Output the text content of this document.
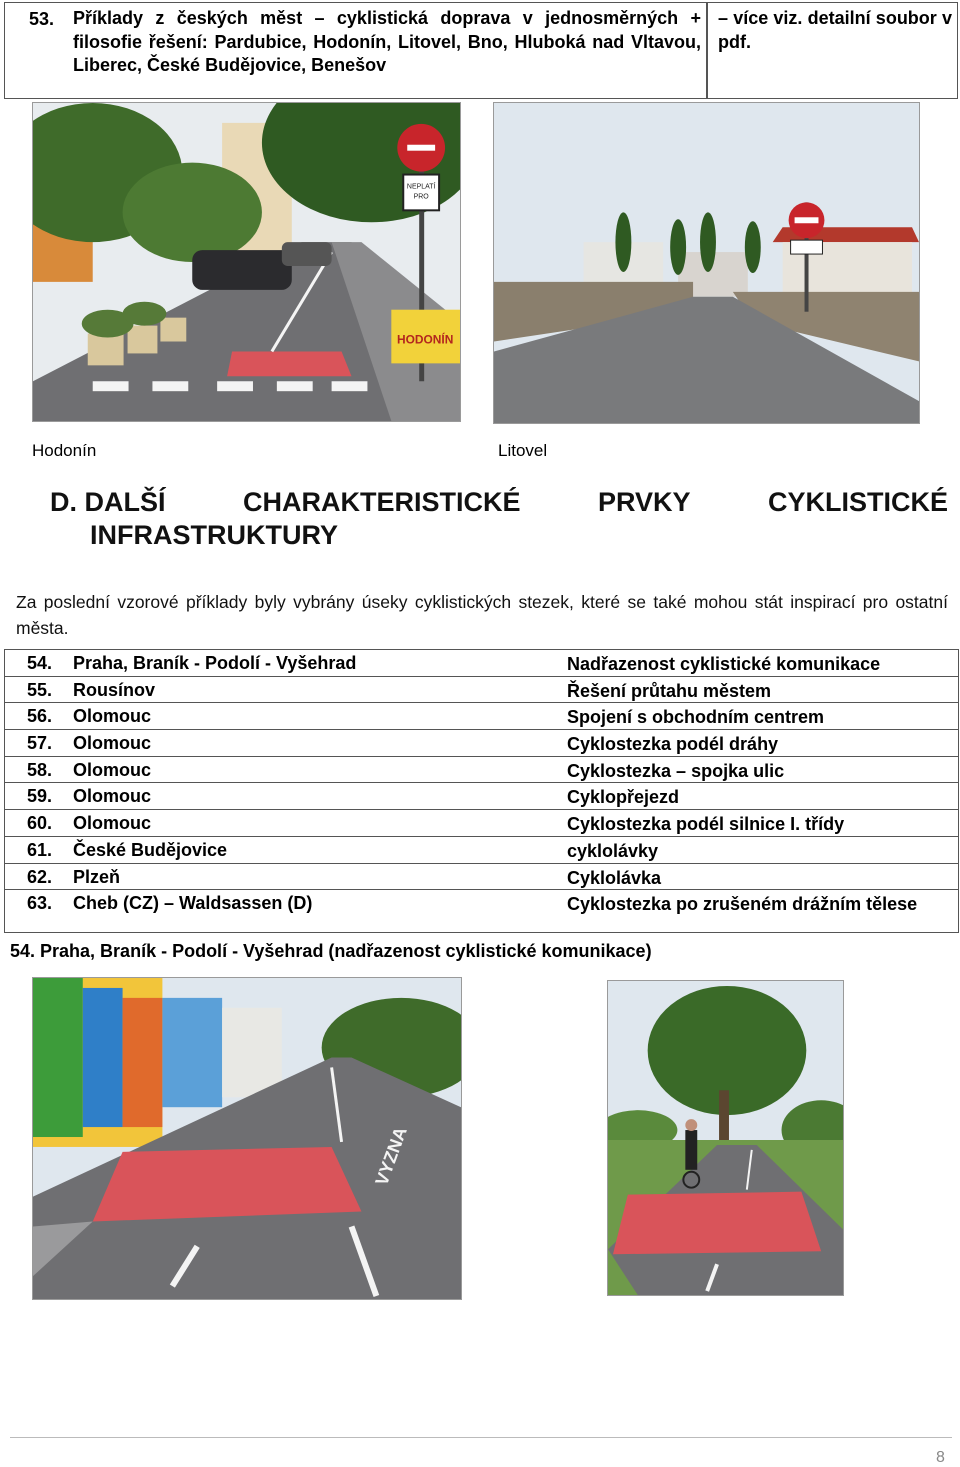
53. Příklady z českých měst – cyklistická doprava v jednosměrných + filosofie řešení: Pardubice, Hodonín, Litovel, Bno, Hluboká nad Vltavou, Liberec, České Budějovice, Benešov
– více viz. detailní soubor v pdf.
NEPLATÍ
PRO
HODONÍN
Hodonín	Litovel
D. DALŠÍ	CHARAKTERISTICKÉ	PRVKY	CYKLISTICKÉ
INFRASTRUKTURY
Za poslední vzorové příklady byly vybrány úseky cyklistických stezek, které se také mohou stát inspirací pro ostatní města.
54. Praha, Braník - Podolí - Vyšehrad	Nadřazenost cyklistické komunikace
55. Rousínov	Řešení průtahu městem
56. Olomouc	Spojení s obchodním centrem
57. Olomouc	Cyklostezka podél dráhy
58. Olomouc	Cyklostezka – spojka ulic
59. Olomouc	Cyklopřejezd
60. Olomouc	Cyklostezka podél silnice I. třídy
61. České Budějovice	cyklolávky
62. Plzeň	Cyklolávka
63. Cheb (CZ) – Waldsassen (D)	Cyklostezka po zrušeném drážním tělese
54. Praha, Braník - Podolí - Vyšehrad (nadřazenost cyklistické komunikace)
VYZNA
8
